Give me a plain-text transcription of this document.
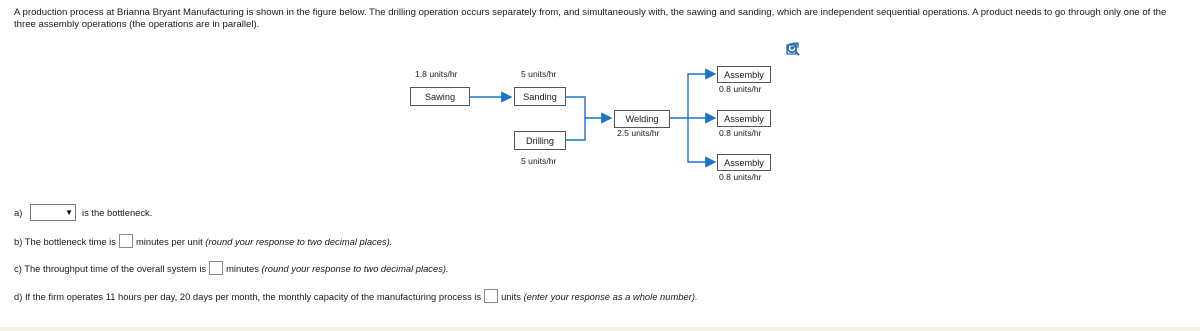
A production process at Brianna Bryant Manufacturing is shown in the figure below. The drilling operation occurs separately from, and simultaneously with, the sawing and sanding, which are independent sequential operations. A product needs to go through only one of the three assembly operations (the operations are in parallel).
1.8 units/hr
Sawing
5 units/hr
Sanding
Drilling
5 units/hr
Welding
2.5 units/hr
Assembly
0.8 units/hr
Assembly
0.8 units/hr
Assembly
0.8 units/hr
a)	▼ is the bottleneck.
b) The bottleneck time is minutes per unit
(round your response to two decimal places).
c) The throughput time of the overall system is minutes
(round your response to two decimal places).
d) If the firm operates 11 hours per day, 20 days per month, the monthly capacity of the manufacturing process is units
(enter your response as a whole number).
